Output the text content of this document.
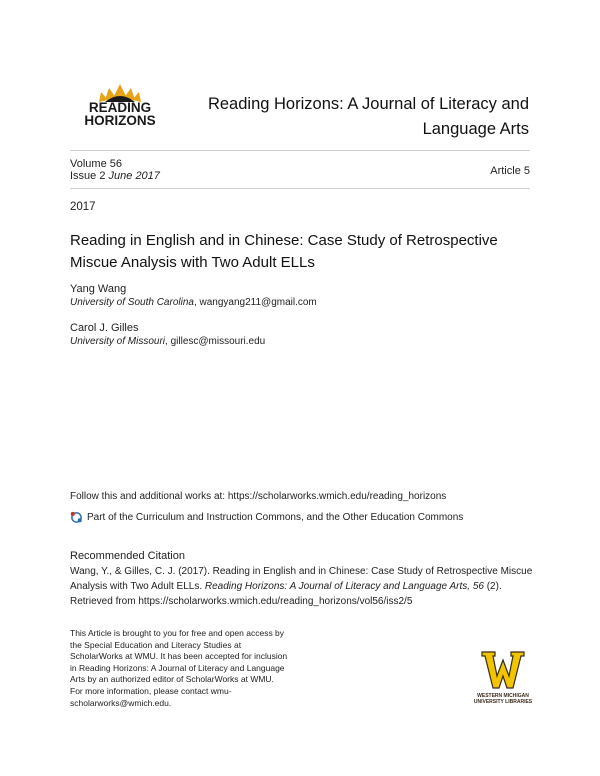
READING
HORIZONS
Reading Horizons: A Journal of Literacy and
Language Arts
Volume 56
Issue 2 June 2017	Article 5
2017
Reading in English and in Chinese: Case Study of Retrospective
Miscue Analysis with Two Adult ELLs
Yang Wang
University of South Carolina, wangyang211@gmail.com
Carol J. Gilles
University of Missouri, gillesc@missouri.edu
Follow this and additional works at: https://scholarworks.wmich.edu/reading_horizons
Part of the Curriculum and Instruction Commons, and the Other Education Commons
Recommended Citation
Wang, Y., & Gilles, C. J. (2017). Reading in English and in Chinese: Case Study of Retrospective Miscue
Analysis with Two Adult ELLs. Reading Horizons: A Journal of Literacy and Language Arts, 56 (2).
Retrieved from https://scholarworks.wmich.edu/reading_horizons/vol56/iss2/5
This Article is brought to you for free and open access by
the Special Education and Literacy Studies at
ScholarWorks at WMU. It has been accepted for inclusion
in Reading Horizons: A Journal of Literacy and Language
Arts by an authorized editor of ScholarWorks at WMU.
For more information, please contact wmu-
scholarworks@wmich.edu.
WESTERN MICHIGAN
UNIVERSITY LIBRARIES
